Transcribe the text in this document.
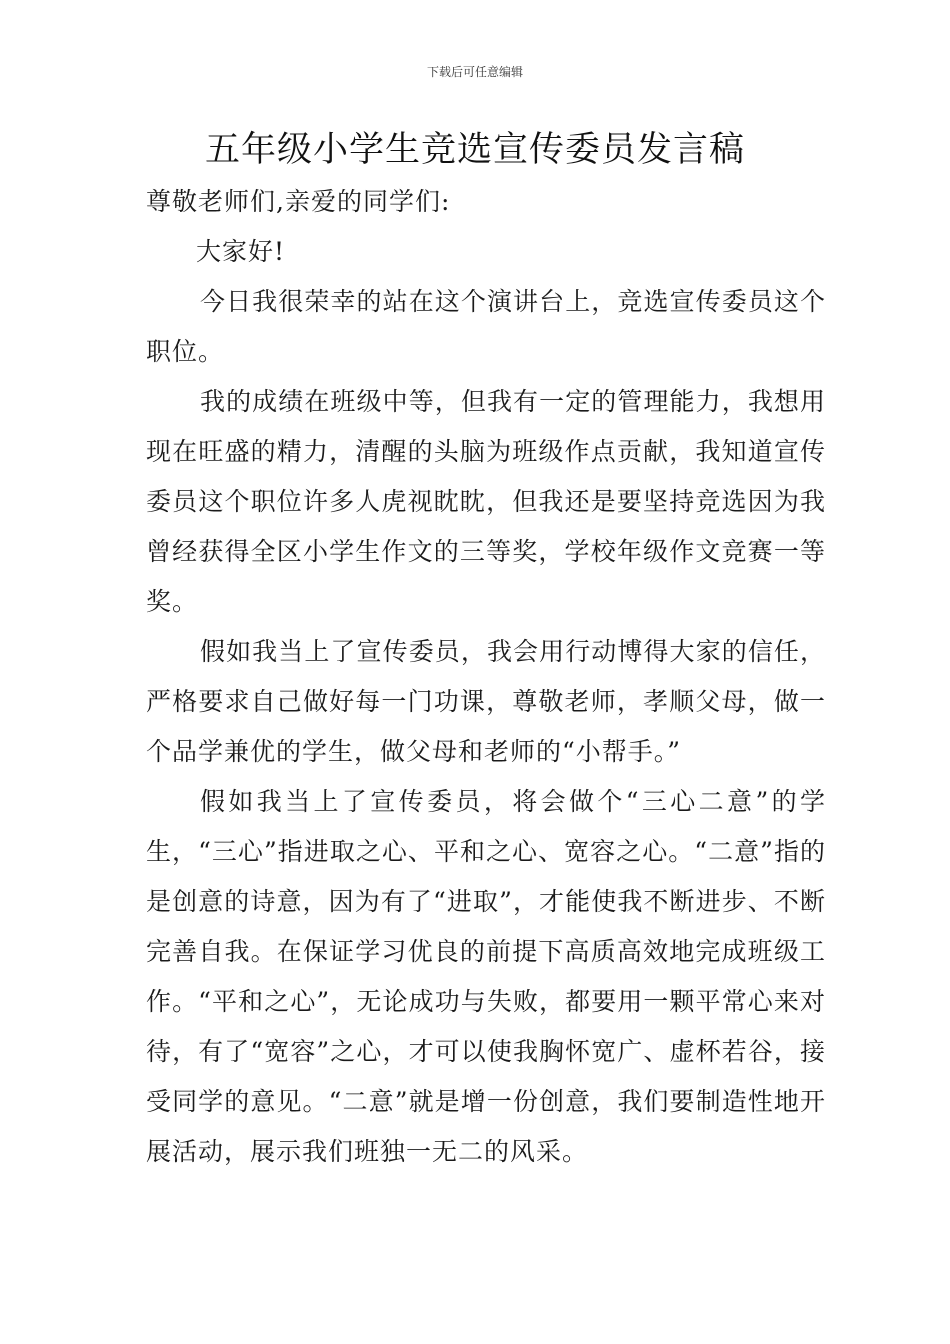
下载后可任意编辑
五年级小学生竞选宣传委员发言稿

尊敬老师们,亲爱的同学们:

大家好!

今日我很荣幸的站在这个演讲台上，竞选宣传委员这个职位。

我的成绩在班级中等，但我有一定的管理能力，我想用现在旺盛的精力，清醒的头脑为班级作点贡献，我知道宣传委员这个职位许多人虎视眈眈，但我还是要坚持竞选因为我曾经获得全区小学生作文的三等奖，学校年级作文竞赛一等奖。

假如我当上了宣传委员，我会用行动博得大家的信任，严格要求自己做好每一门功课，尊敬老师，孝顺父母，做一个品学兼优的学生，做父母和老师的“小帮手。”

假如我当上了宣传委员，将会做个“三心二意”的学生，“三心”指进取之心、平和之心、宽容之心。“二意”指的是创意的诗意，因为有了“进取”，才能使我不断进步、不断完善自我。在保证学习优良的前提下高质高效地完成班级工作。“平和之心”，无论成功与失败，都要用一颗平常心来对待，有了“宽容”之心，才可以使我胸怀宽广、虚杯若谷，接受同学的意见。“二意”就是增一份创意，我们要制造性地开展活动，展示我们班独一无二的风采。
